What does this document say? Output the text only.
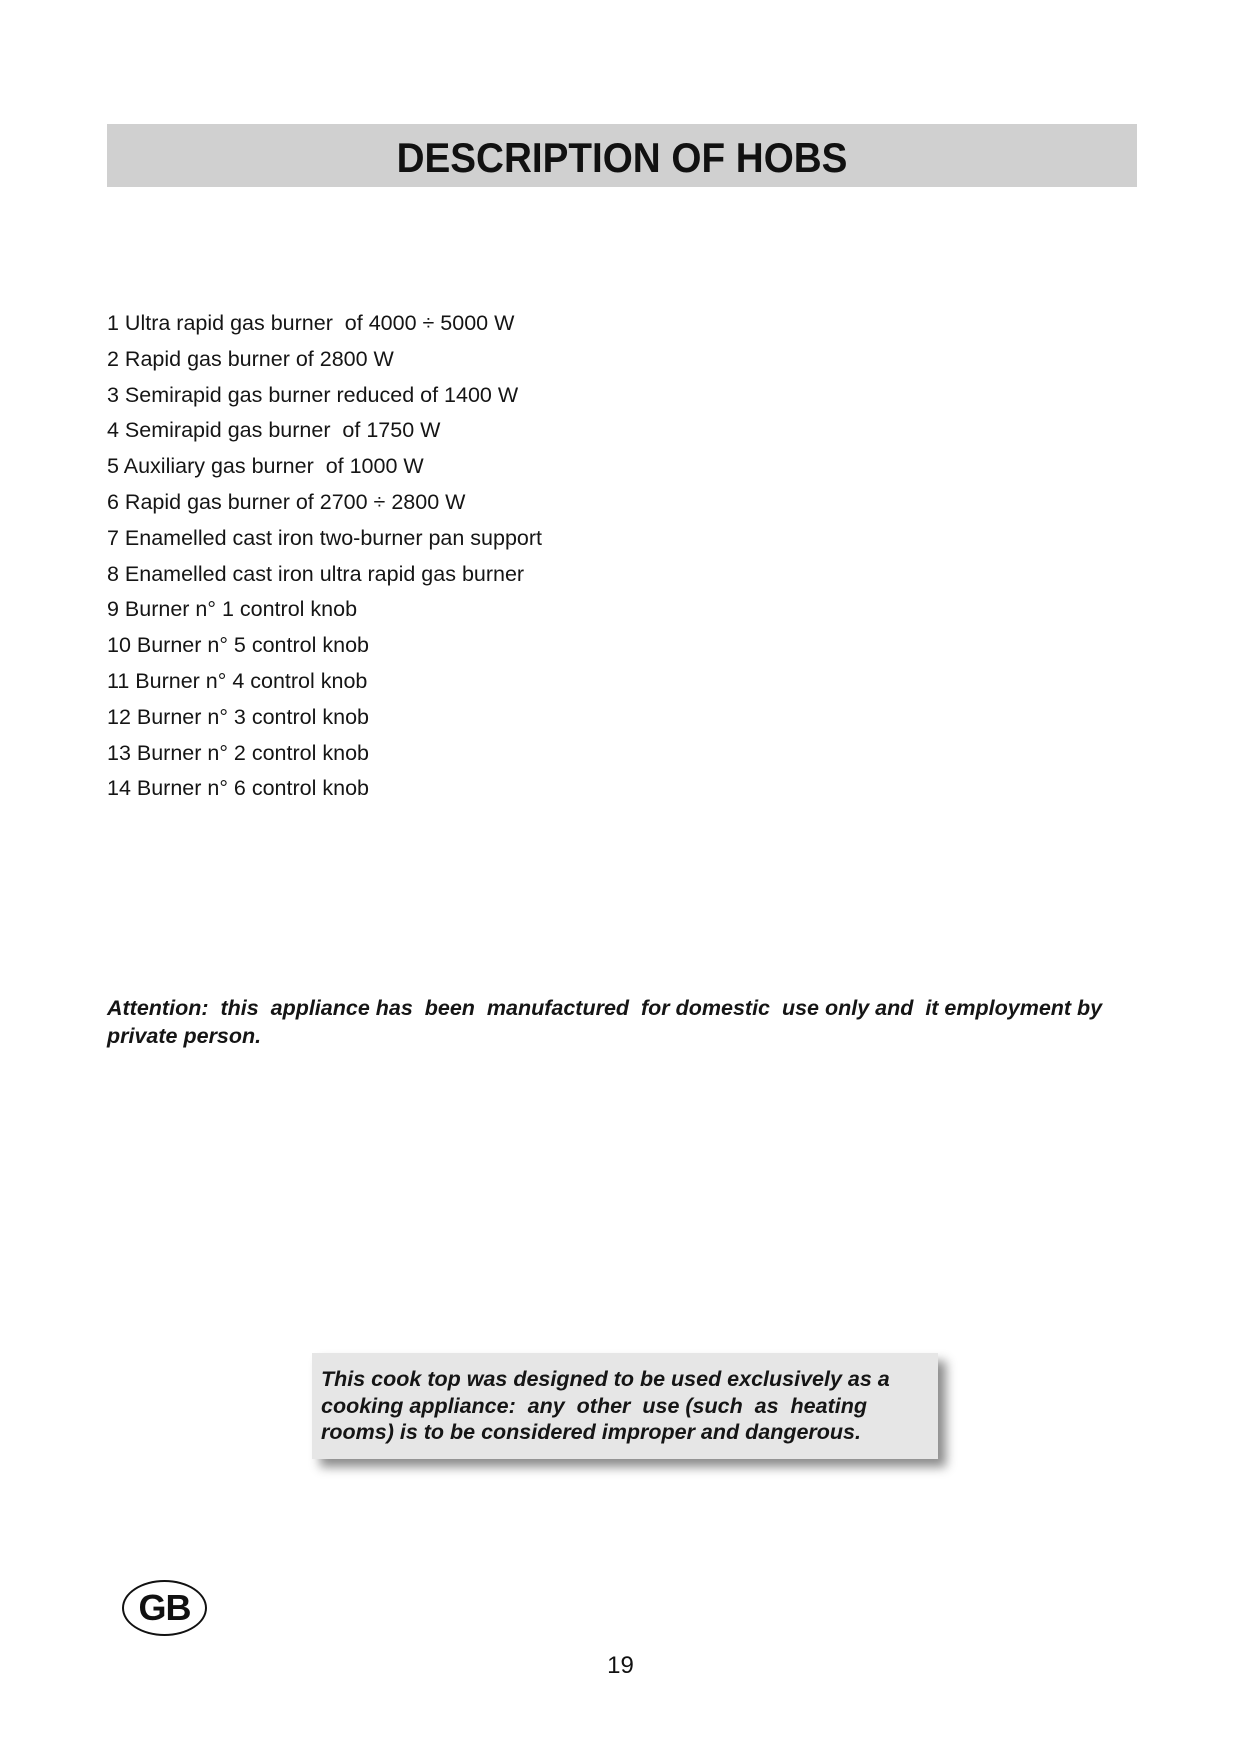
DESCRIPTION OF HOBS
1 Ultra rapid gas burner  of 4000 ÷ 5000 W
2 Rapid gas burner of 2800 W
3 Semirapid gas burner reduced of 1400 W
4 Semirapid gas burner  of 1750 W
5 Auxiliary gas burner  of 1000 W
6 Rapid gas burner of 2700 ÷ 2800 W
7 Enamelled cast iron two-burner pan support
8 Enamelled cast iron ultra rapid gas burner
9 Burner n° 1 control knob
10 Burner n° 5 control knob
11 Burner n° 4 control knob
12 Burner n° 3 control knob
13 Burner n° 2 control knob
14 Burner n° 6 control knob

Attention:  this  appliance has  been  manufactured  for domestic  use only and  it employment by private person.

This cook top was designed to be used exclusively as a cooking appliance:  any  other  use (such  as  heating rooms) is to be considered improper and dangerous.

GB
19
